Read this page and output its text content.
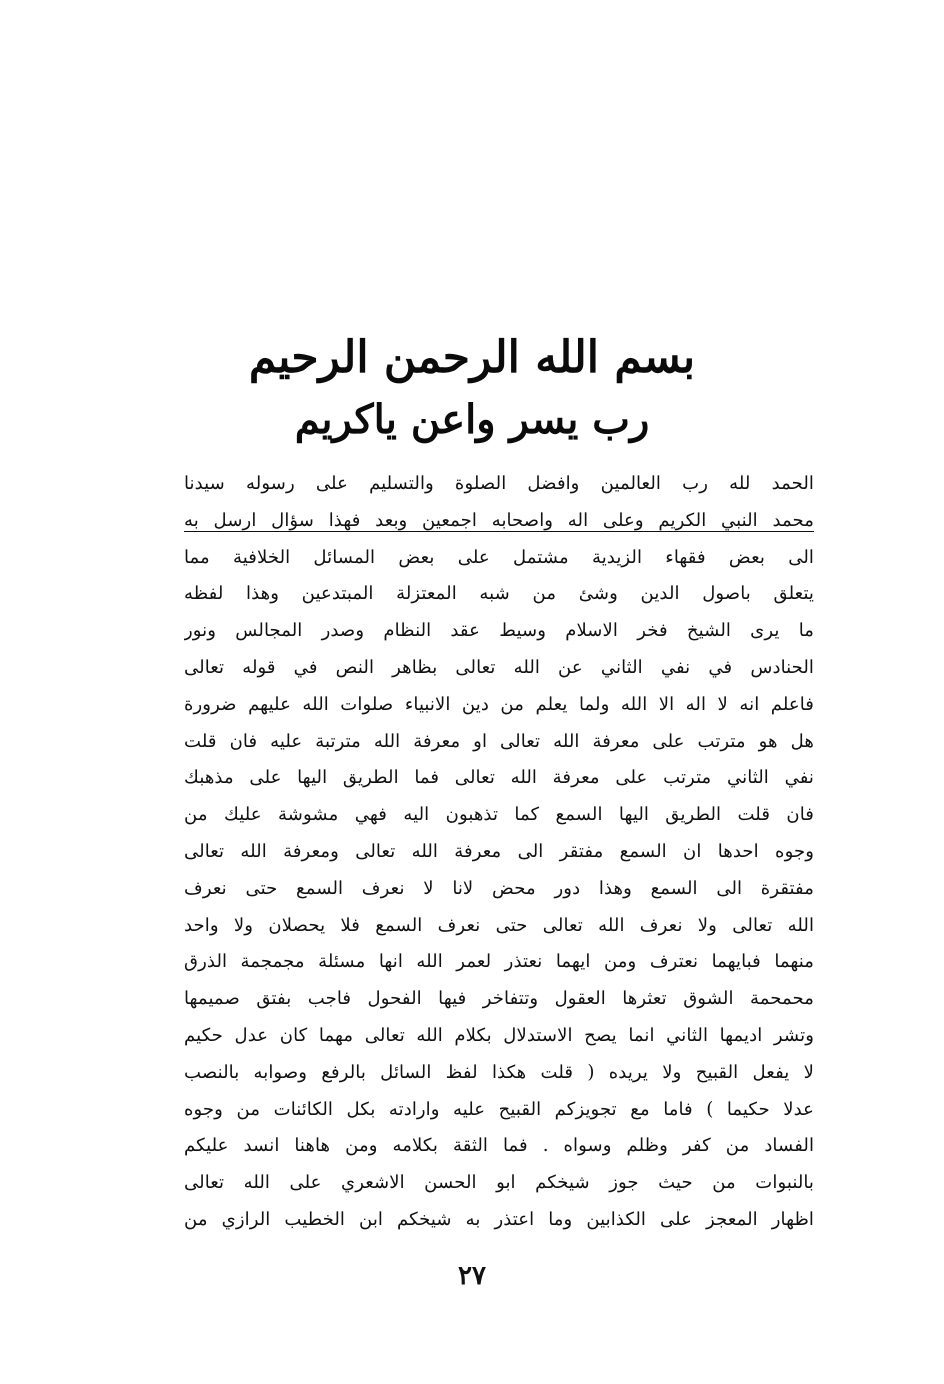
بسم الله الرحمن الرحيم
رب يسر واعن ياكريم
الحمد لله رب العالمين وافضل الصلوة والتسليم على رسوله سيدنا
محمد النبي الكريم وعلى اله واصحابه اجمعين وبعد فهذا سؤال ارسل به
الى بعض فقهاء الزيدية مشتمل على بعض المسائل الخلافية مما
يتعلق باصول الدين وشئ من شبه المعتزلة المبتدعين وهذا لفظه
ما يرى الشيخ فخر الاسلام وسيط عقد النظام وصدر المجالس ونور
الحنادس في نفي الثاني عن الله تعالى بظاهر النص في قوله تعالى
فاعلم انه لا اله الا الله ولما يعلم من دين الانبياء صلوات الله عليهم ضرورة
هل هو مترتب على معرفة الله تعالى او معرفة الله مترتبة عليه فان قلت
نفي الثاني مترتب على معرفة الله تعالى فما الطريق اليها على مذهبك
فان قلت الطريق اليها السمع كما تذهبون اليه فهي مشوشة عليك من
وجوه احدها ان السمع مفتقر الى معرفة الله تعالى ومعرفة الله تعالى
مفتقرة الى السمع وهذا دور محض لانا لا نعرف السمع حتى نعرف
الله تعالى ولا نعرف الله تعالى حتى نعرف السمع فلا يحصلان ولا واحد
منهما فبايهما نعترف ومن ايهما نعتذر لعمر الله انها مسئلة مجمجمة الذرق
محمحمة الشوق تعثرها العقول وتتفاخر فيها الفحول فاجب بفتق صميمها
وتشر اديمها الثاني انما يصح الاستدلال بكلام الله تعالى مهما كان عدل حكيم
لا يفعل القبيح ولا يريده ( قلت هكذا لفظ السائل بالرفع وصوابه بالنصب
عدلا حكيما ) فاما مع تجويزكم القبيح عليه وارادته بكل الكائنات من وجوه
الفساد من كفر وظلم وسواه . فما الثقة بكلامه ومن هاهنا انسد عليكم
بالنبوات من حيث جوز شيخكم ابو الحسن الاشعري على الله تعالى
اظهار المعجز على الكذابين وما اعتذر به شيخكم ابن الخطيب الرازي من
٢٧
